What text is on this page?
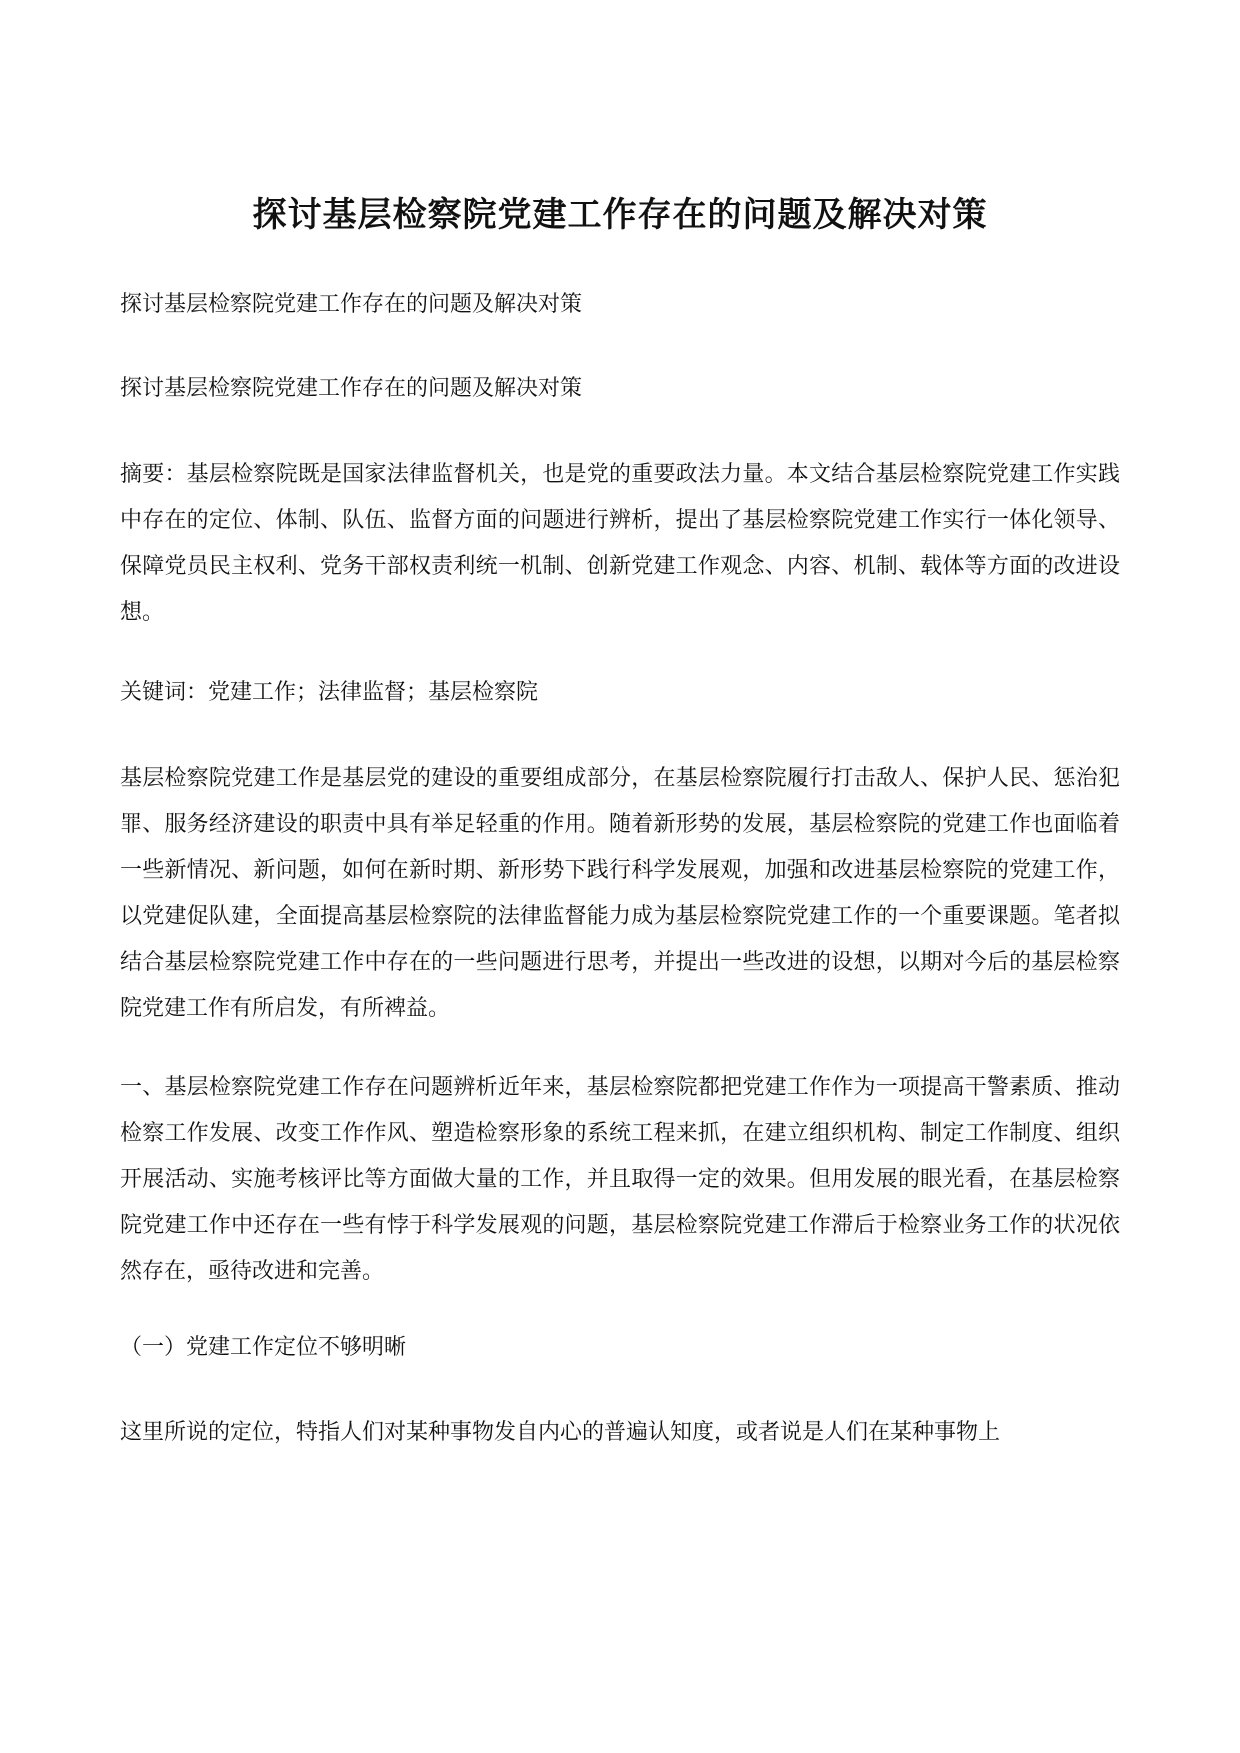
探讨基层检察院党建工作存在的问题及解决对策

探讨基层检察院党建工作存在的问题及解决对策

探讨基层检察院党建工作存在的问题及解决对策

摘要：基层检察院既是国家法律监督机关，也是党的重要政法力量。本文结合基层检察院党建工作实践中存在的定位、体制、队伍、监督方面的问题进行辨析，提出了基层检察院党建工作实行一体化领导、保障党员民主权利、党务干部权责利统一机制、创新党建工作观念、内容、机制、载体等方面的改进设想。

关键词：党建工作；法律监督；基层检察院

基层检察院党建工作是基层党的建设的重要组成部分，在基层检察院履行打击敌人、保护人民、惩治犯罪、服务经济建设的职责中具有举足轻重的作用。随着新形势的发展，基层检察院的党建工作也面临着一些新情况、新问题，如何在新时期、新形势下践行科学发展观，加强和改进基层检察院的党建工作，以党建促队建，全面提高基层检察院的法律监督能力成为基层检察院党建工作的一个重要课题。笔者拟结合基层检察院党建工作中存在的一些问题进行思考，并提出一些改进的设想，以期对今后的基层检察院党建工作有所启发，有所裨益。

一、基层检察院党建工作存在问题辨析近年来，基层检察院都把党建工作作为一项提高干警素质、推动检察工作发展、改变工作作风、塑造检察形象的系统工程来抓，在建立组织机构、制定工作制度、组织开展活动、实施考核评比等方面做大量的工作，并且取得一定的效果。但用发展的眼光看，在基层检察院党建工作中还存在一些有悖于科学发展观的问题，基层检察院党建工作滞后于检察业务工作的状况依然存在，亟待改进和完善。

（一）党建工作定位不够明晰

这里所说的定位，特指人们对某种事物发自内心的普遍认知度，或者说是人们在某种事物上
